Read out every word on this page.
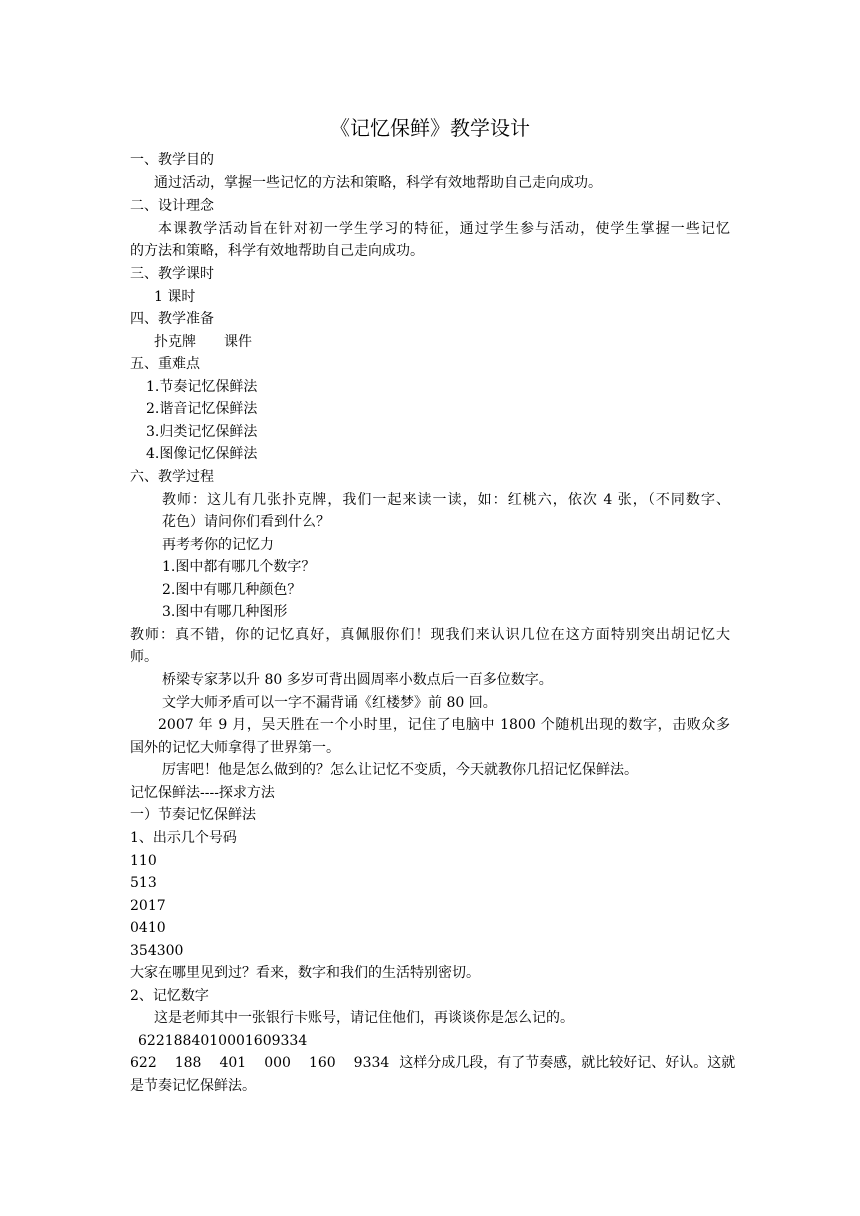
《记忆保鲜》教学设计

一、教学目的

通过活动，掌握一些记忆的方法和策略，科学有效地帮助自己走向成功。

二、设计理念

本课教学活动旨在针对初一学生学习的特征，通过学生参与活动，使学生掌握一些记忆

的方法和策略，科学有效地帮助自己走向成功。

三、教学课时

1 课时

四、教学准备

扑克牌　　课件

五、重难点

1.节奏记忆保鲜法

2.谐音记忆保鲜法

3.归类记忆保鲜法

4.图像记忆保鲜法

六、教学过程

教师：这儿有几张扑克牌，我们一起来读一读，如：红桃六，依次 4 张，（不同数字、

花色）请问你们看到什么？

再考考你的记忆力

1.图中都有哪几个数字？

2.图中有哪几种颜色？

3.图中有哪几种图形

教师：真不错，你的记忆真好，真佩服你们！现我们来认识几位在这方面特别突出胡记忆大

师。

桥梁专家茅以升 80 多岁可背出圆周率小数点后一百多位数字。

文学大师矛盾可以一字不漏背诵《红楼梦》前 80 回。

2007 年 9 月，吴天胜在一个小时里，记住了电脑中 1800 个随机出现的数字，击败众多

国外的记忆大师拿得了世界第一。

厉害吧！他是怎么做到的？怎么让记忆不变质，今天就教你几招记忆保鲜法。

记忆保鲜法----探求方法

一）节奏记忆保鲜法

1、出示几个号码

110

513

2017

0410

354300

大家在哪里见到过？看来，数字和我们的生活特别密切。

2、记忆数字

这是老师其中一张银行卡账号，请记住他们，再谈谈你是怎么记的。

6221884010001609334

622 188 401 000 160 9334 这样分成几段，有了节奏感，就比较好记、好认。这就

是节奏记忆保鲜法。
